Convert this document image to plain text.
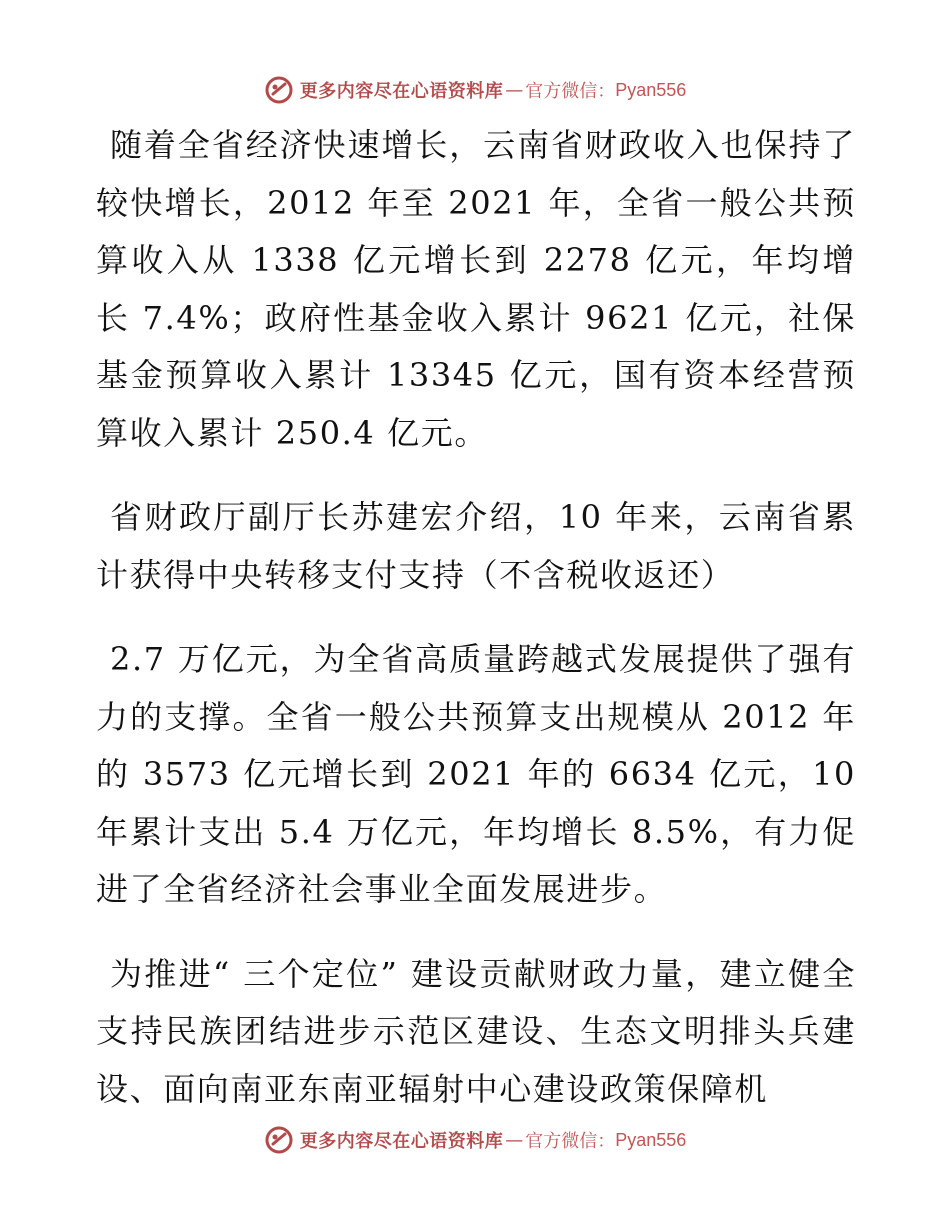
更多内容尽在心语资料库 — 官方微信： Pyan556

随着全省经济快速增长，云南省财政收入也保持了较快增长，2012 年至 2021 年，全省一般公共预算收入从 1338 亿元增长到 2278 亿元，年均增长 7.4%；政府性基金收入累计 9621 亿元，社保基金预算收入累计 13345 亿元，国有资本经营预算收入累计 250.4 亿元。

省财政厅副厅长苏建宏介绍，10 年来，云南省累计获得中央转移支付支持（不含税收返还）

2.7 万亿元，为全省高质量跨越式发展提供了强有力的支撑。全省一般公共预算支出规模从 2012 年的 3573 亿元增长到 2021 年的 6634 亿元，10 年累计支出 5.4 万亿元，年均增长 8.5%，有力促进了全省经济社会事业全面发展进步。

为推进“ 三个定位” 建设贡献财政力量，建立健全支持民族团结进步示范区建设、生态文明排头兵建设、面向南亚东南亚辐射中心建设政策保障机

更多内容尽在心语资料库 — 官方微信： Pyan556
